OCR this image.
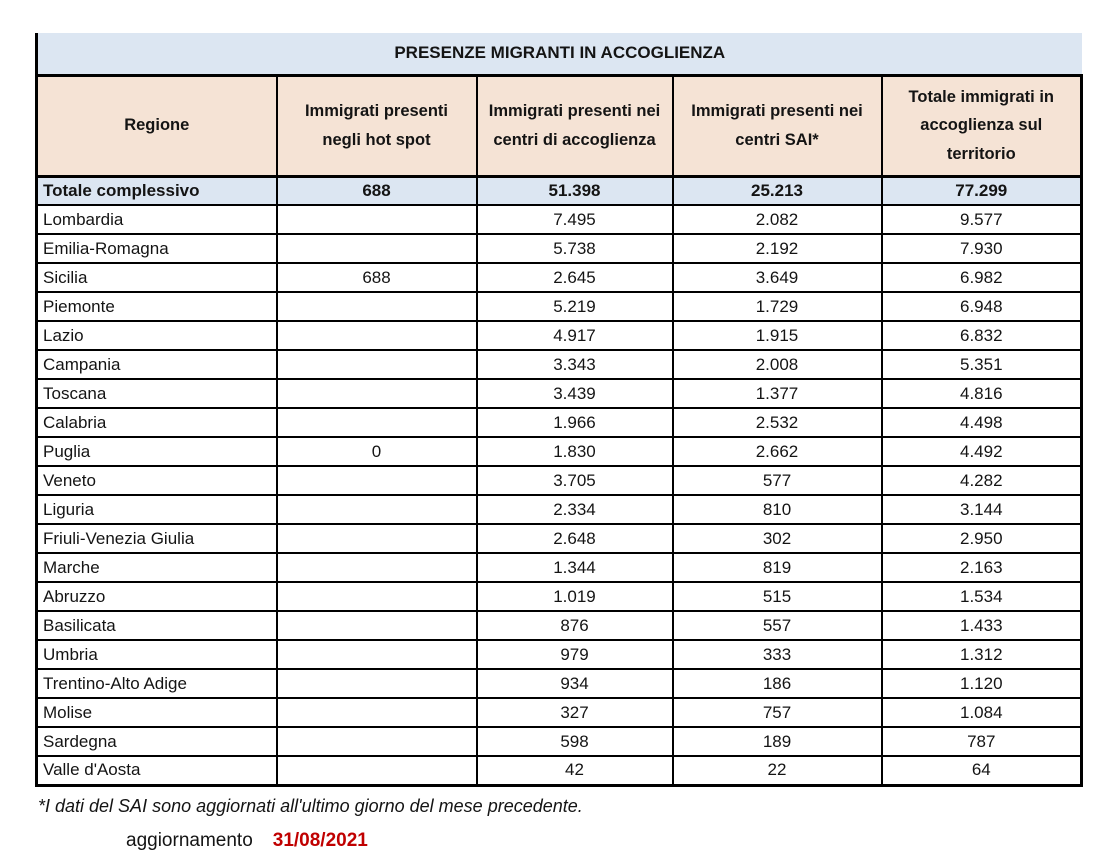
PRESENZE MIGRANTI IN ACCOGLIENZA				
Regione	Immigrati presenti negli hot spot	Immigrati presenti nei centri di accoglienza	Immigrati presenti nei centri SAI*	Totale immigrati in accoglienza sul territorio
Totale complessivo	688	51.398	25.213	77.299
Lombardia		7.495	2.082	9.577
Emilia-Romagna		5.738	2.192	7.930
Sicilia	688	2.645	3.649	6.982
Piemonte		5.219	1.729	6.948
Lazio		4.917	1.915	6.832
Campania		3.343	2.008	5.351
Toscana		3.439	1.377	4.816
Calabria		1.966	2.532	4.498
Puglia	0	1.830	2.662	4.492
Veneto		3.705	577	4.282
Liguria		2.334	810	3.144
Friuli-Venezia Giulia		2.648	302	2.950
Marche		1.344	819	2.163
Abruzzo		1.019	515	1.534
Basilicata		876	557	1.433
Umbria		979	333	1.312
Trentino-Alto Adige		934	186	1.120
Molise		327	757	1.084
Sardegna		598	189	787
Valle d'Aosta		42	22	64
*I dati del SAI sono aggiornati all'ultimo giorno del mese precedente.
aggiornamento 31/08/2021
